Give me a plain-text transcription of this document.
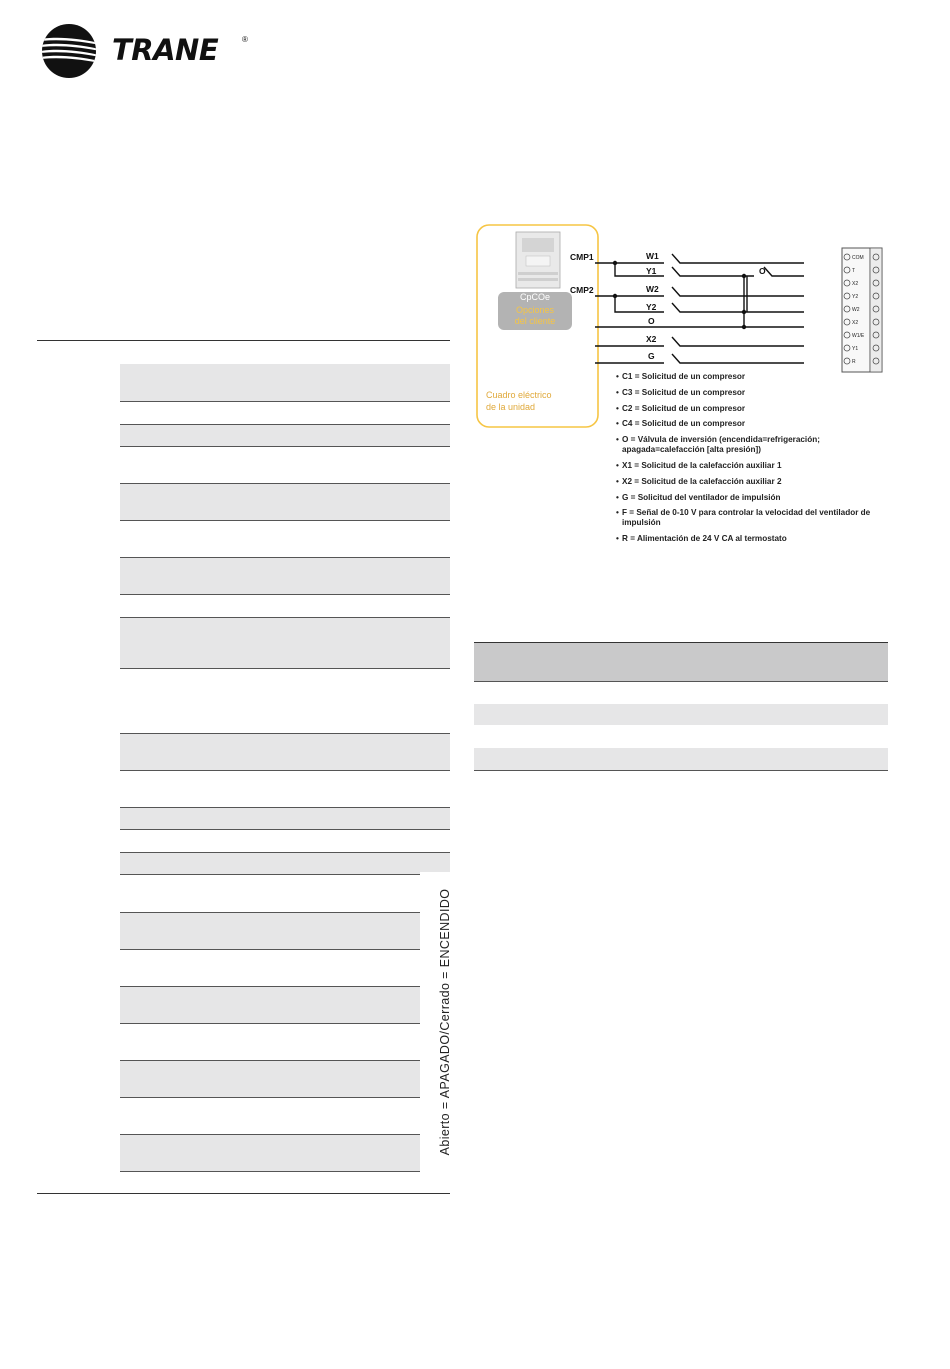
TRANE	®
Abierto = APAGADO/Cerrado = ENCENDIDO
CpCOe
Opciones
del cliente
Cuadro eléctrico
de la unidad
CMP1
CMP2
W1
Y1
W2
Y2
O
X2
G
O
COM
T
X2
Y2
W2
X2
W1/E
Y1
R
• C1 = Solicitud de un compresor
• C3 = Solicitud de un compresor
• C2 = Solicitud de un compresor
• C4 = Solicitud de un compresor
• O = Válvula de inversión (encendida=refrigeración; apagada=calefacción [alta presión])
• X1 = Solicitud de la calefacción auxiliar 1
• X2 = Solicitud de la calefacción auxiliar 2
• G = Solicitud del ventilador de impulsión
• F = Señal de 0-10 V para controlar la velocidad del ventilador de impulsión
• R = Alimentación de 24 V CA al termostato
